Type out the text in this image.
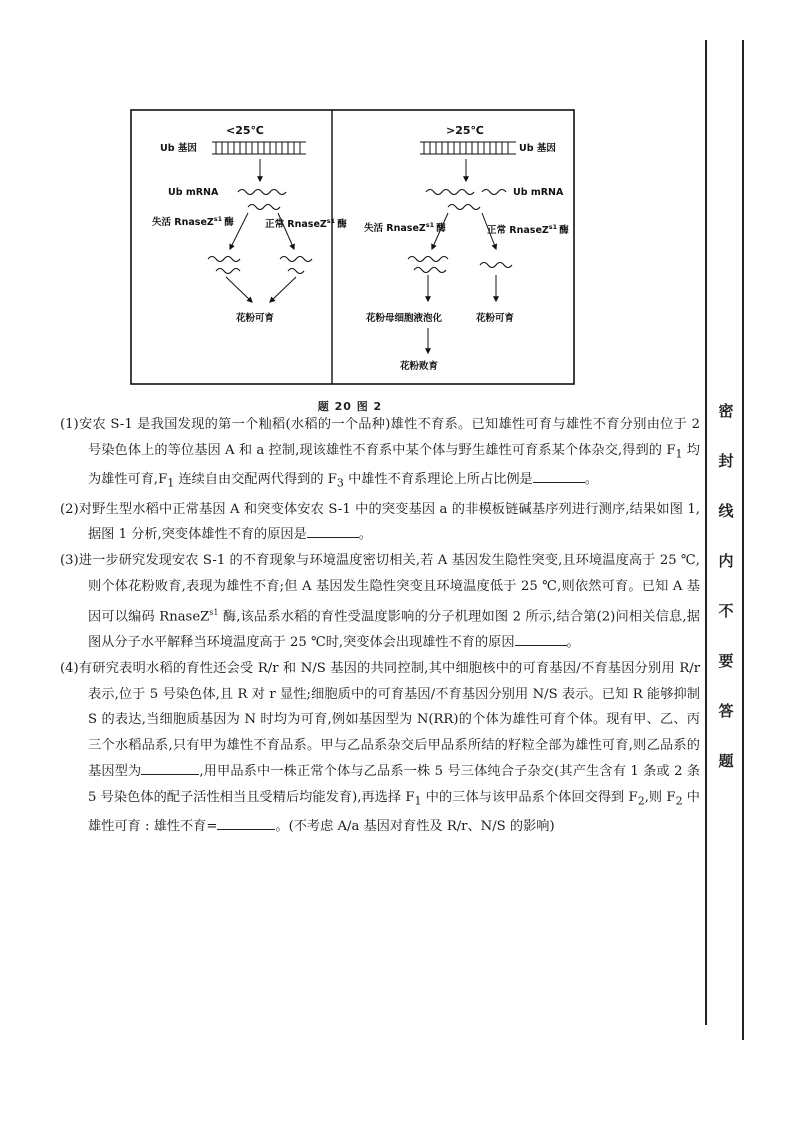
密
封
线
内
不
要
答
题
<25℃
Ub 基因
Ub mRNA
失活 RnaseZ$^{s1}$ 酶	正常 RnaseZ$^{s1}$ 酶
花粉可育
>25℃
Ub 基因
Ub mRNA
失活 RnaseZ$^{s1}$ 酶	正常 RnaseZ$^{s1}$ 酶
花粉母细胞液泡化	花粉可育
花粉败育
题 20 图 2

(1)安农 S-1 是我国发现的第一个籼稻(水稻的一个品种)雄性不育系。已知雄性可育与雄性不育分别由位于 2 号染色体上的等位基因 A 和 a 控制,现该雄性不育系中某个体与野生雄性可育系某个体杂交,得到的 $F_1$ 均为雄性可育$,F_1$ 连续自由交配两代得到的 $F_3$ 中雄性不育系理论上所占比例是	。

(2)对野生型水稻中正常基因 A 和突变体安农 S-1 中的突变基因 a 的非模板链碱基序列进行测序,结果如图 1,据图 1 分析,突变体雄性不育的原因是	。

(3)进一步研究发现安农 S-1 的不育现象与环境温度密切相关,若 A 基因发生隐性突变,且环境温度高于 25 ℃,则个体花粉败育,表现为雄性不育;但 A 基因发生隐性突变且环境温度低于 25 ℃,则依然可育。已知 A 基因可以编码 RnaseZ$^{s1}$ 酶,该品系水稻的育性受温度影响的分子机理如图 2 所示,结合第(2)问相关信息,据图从分子水平解释当环境温度高于 25 ℃时,突变体会出现雄性不育的原因	。

(4)有研究表明水稻的育性还会受 R/r 和 N/S 基因的共同控制,其中细胞核中的可育基因/不育基因分别用 R/r 表示,位于 5 号染色体,且 R 对 r 显性;细胞质中的可育基因/不育基因分别用 N/S 表示。已知 R 能够抑制 S 的表达,当细胞质基因为 N 时均为可育,例如基因型为 N(RR)的个体为雄性可育个体。现有甲、乙、丙三个水稻品系,只有甲为雄性不育品系。甲与乙品系杂交后甲品系所结的籽粒全部为雄性可育,则乙品系的基因型为	,用甲品系中一株正常个体与乙品系一株 5 号三体纯合子杂交(其产生含有 1 条或 2 条 5 号染色体的配子活性相当且受精后均能发育),再选择 $F_1$ 中的三体与该甲品系个体回交得到 $F_2$,则 $F_2$ 中雄性可育 : 雄性不育=	。(不考虑 A/a 基因对育性及 R/r、N/S 的影响)
